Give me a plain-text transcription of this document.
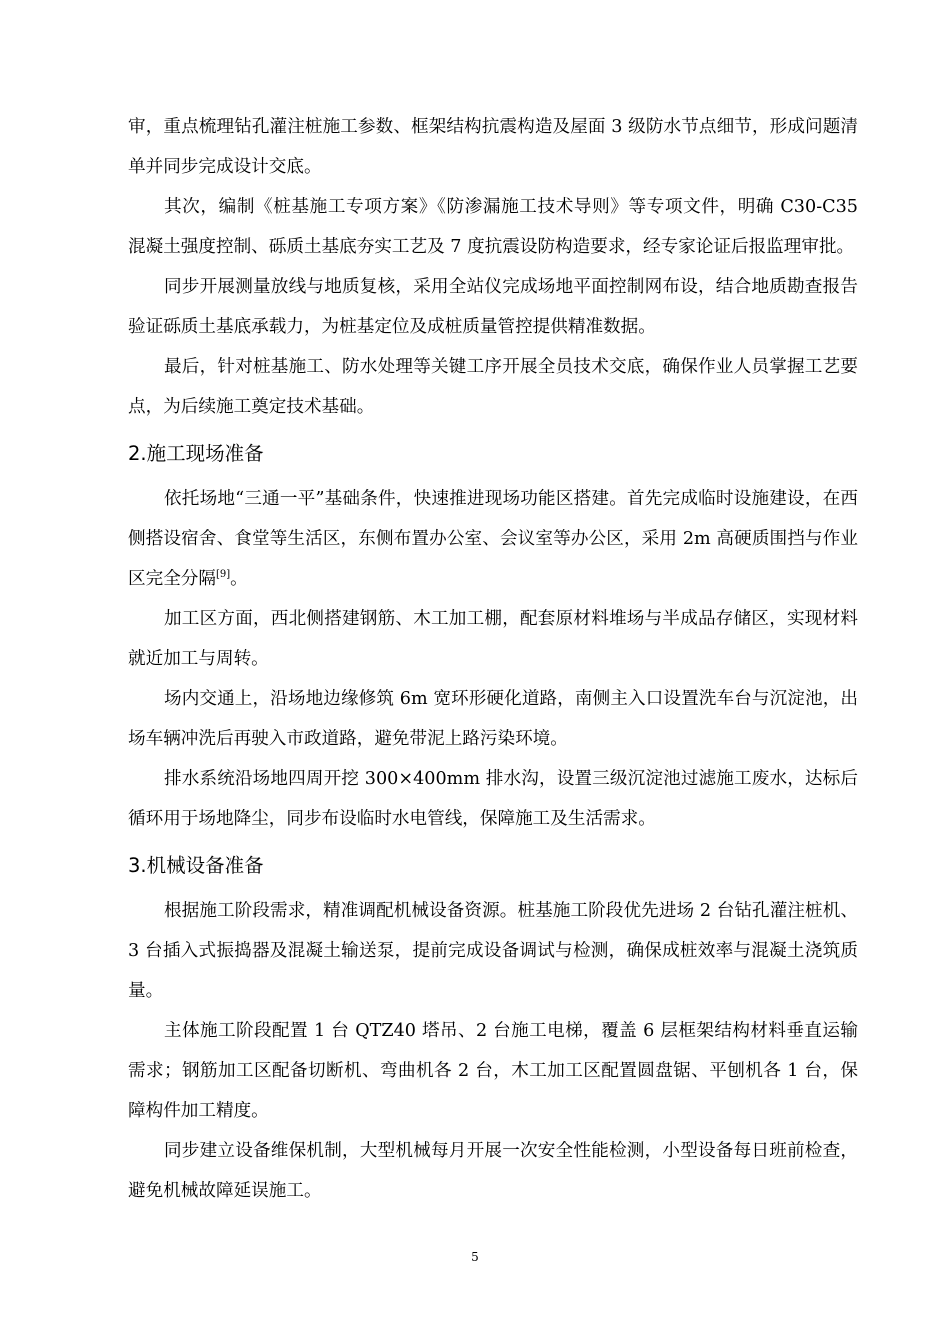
审，重点梳理钻孔灌注桩施工参数、框架结构抗震构造及屋面 3 级防水节点细节，形成问题清单并同步完成设计交底。

其次，编制《桩基施工专项方案》《防渗漏施工技术导则》等专项文件，明确 C30-C35 混凝土强度控制、砾质土基底夯实工艺及 7 度抗震设防构造要求，经专家论证后报监理审批。

同步开展测量放线与地质复核，采用全站仪完成场地平面控制网布设，结合地质勘查报告验证砾质土基底承载力，为桩基定位及成桩质量管控提供精准数据。

最后，针对桩基施工、防水处理等关键工序开展全员技术交底，确保作业人员掌握工艺要点，为后续施工奠定技术基础。

2.施工现场准备

依托场地“三通一平”基础条件，快速推进现场功能区搭建。首先完成临时设施建设，在西侧搭设宿舍、食堂等生活区，东侧布置办公室、会议室等办公区，采用 2m 高硬质围挡与作业区完全分隔[9]。

加工区方面，西北侧搭建钢筋、木工加工棚，配套原材料堆场与半成品存储区，实现材料就近加工与周转。

场内交通上，沿场地边缘修筑 6m 宽环形硬化道路，南侧主入口设置洗车台与沉淀池，出场车辆冲洗后再驶入市政道路，避免带泥上路污染环境。

排水系统沿场地四周开挖 300×400mm 排水沟，设置三级沉淀池过滤施工废水，达标后循环用于场地降尘，同步布设临时水电管线，保障施工及生活需求。

3.机械设备准备

根据施工阶段需求，精准调配机械设备资源。桩基施工阶段优先进场 2 台钻孔灌注桩机、3 台插入式振捣器及混凝土输送泵，提前完成设备调试与检测，确保成桩效率与混凝土浇筑质量。

主体施工阶段配置 1 台 QTZ40 塔吊、2 台施工电梯，覆盖 6 层框架结构材料垂直运输需求；钢筋加工区配备切断机、弯曲机各 2 台，木工加工区配置圆盘锯、平刨机各 1 台，保障构件加工精度。

同步建立设备维保机制，大型机械每月开展一次安全性能检测，小型设备每日班前检查，避免机械故障延误施工。

5
